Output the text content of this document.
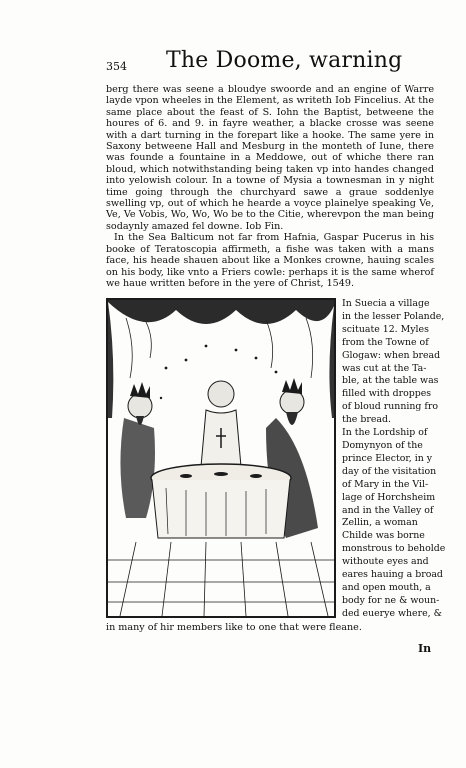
354 The Doome, warning

berg there was seene a bloudye swoorde and an engine of Warre layde vpon wheeles in the Element, as writeth Iob Fincelius. At the same place about the feast of S. Iohn the Baptist, betweene the houres of 6. and 9. in fayre weather, a blacke crosse was seene with a dart turning in the forepart like a hooke. The same yere in Saxony betweene Hall and Mesburg in the monteth of Iune, there was founde a fountaine in a Meddowe, out of whiche there ran bloud, which notwithstanding being taken vp into handes changed into yelowish colour. In a towne of Mysia a townesman in y night time going through the churchyard sawe a graue soddenlye swelling vp, out of which he hearde a voyce plainelye speaking Ve, Ve, Ve Vobis, Wo, Wo, Wo be to the Citie, wherevpon the man being sodaynly amazed fel downe. Iob Fin.

In the Sea Balticum not far from Hafnia, Gaspar Pucerus in his booke of Teratoscopia affirmeth, a fishe was taken with a mans face, his heade shauen about like a Monkes crowne, hauing scales on his body, like vnto a Friers cowle: perhaps it is the same wherof we haue written before in the yere of Christ, 1549.

In Suecia a village
in the lesser Polande,
scituate 12. Myles
from the Towne of
Glogaw: when bread
was cut at the Ta-
ble, at the table was
filled with droppes
of bloud running fro
the bread.
In the Lordship of
Domynyon of the
prince Elector, in y
day of the visitation
of Mary in the Vil-
lage of Horchsheim
and in the Valley of
Zellin, a woman
Childe was borne
monstrous to beholde
withoute eyes and
eares hauing a broad
and open mouth, a
body for ne & woun-
ded euerye where, &
in many of hir members like to one that were fleane.
In
